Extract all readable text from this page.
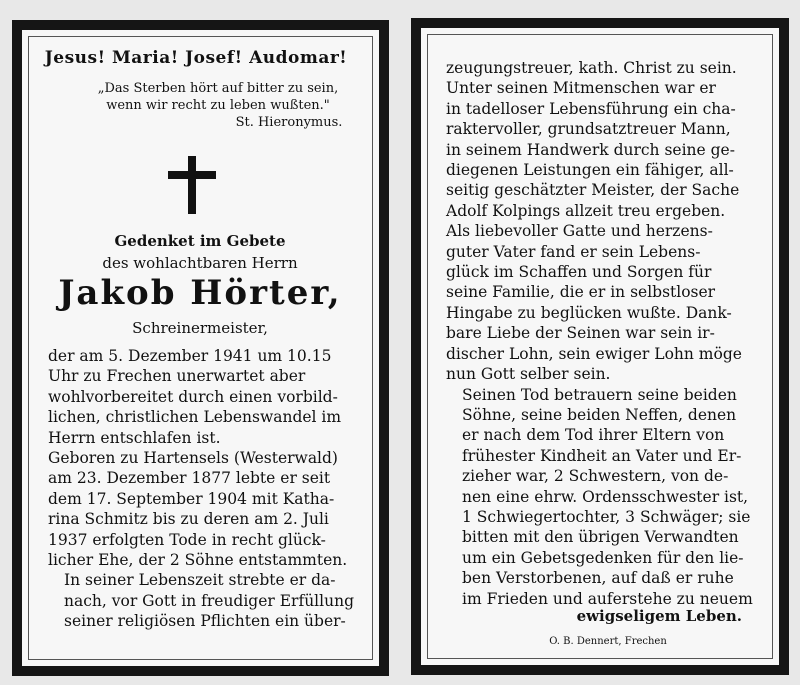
Jesus! Maria! Josef! Audomar!
„Das Sterben hört auf bitter zu sein,
wenn wir recht zu leben wußten."
St. Hieronymus.
Gedenket im Gebete
des wohlachtbaren Herrn
Jakob Hörter,
Schreinermeister,

der am 5. Dezember 1941 um 10.15
Uhr zu Frechen unerwartet aber
wohlvorbereitet durch einen vorbild-
lichen, christlichen Lebenswandel im
Herrn entschlafen ist.

Geboren zu Hartensels (Westerwald)
am 23. Dezember 1877 lebte er seit
dem 17. September 1904 mit Katha-
rina Schmitz bis zu deren am 2. Juli
1937 erfolgten Tode in recht glück-
licher Ehe, der 2 Söhne entstammten.

In seiner Lebenszeit strebte er da-
nach, vor Gott in freudiger Erfüllung
seiner religiösen Pflichten ein über-

zeugungstreuer, kath. Christ zu sein.
Unter seinen Mitmenschen war er
in tadelloser Lebensführung ein cha-
raktervoller, grundsatztreuer Mann,
in seinem Handwerk durch seine ge-
diegenen Leistungen ein fähiger, all-
seitig geschätzter Meister, der Sache
Adolf Kolpings allzeit treu ergeben.
Als liebevoller Gatte und herzens-
guter Vater fand er sein Lebens-
glück im Schaffen und Sorgen für
seine Familie, die er in selbstloser
Hingabe zu beglücken wußte. Dank-
bare Liebe der Seinen war sein ir-
discher Lohn, sein ewiger Lohn möge
nun Gott selber sein.

Seinen Tod betrauern seine beiden
Söhne, seine beiden Neffen, denen
er nach dem Tod ihrer Eltern von
frühester Kindheit an Vater und Er-
zieher war, 2 Schwestern, von de-
nen eine ehrw. Ordensschwester ist,
1 Schwiegertochter, 3 Schwäger; sie
bitten mit den übrigen Verwandten
um ein Gebetsgedenken für den lie-
ben Verstorbenen, auf daß er ruhe
im Frieden und auferstehe zu neuem

ewigseligem Leben.
O. B. Dennert, Frechen
